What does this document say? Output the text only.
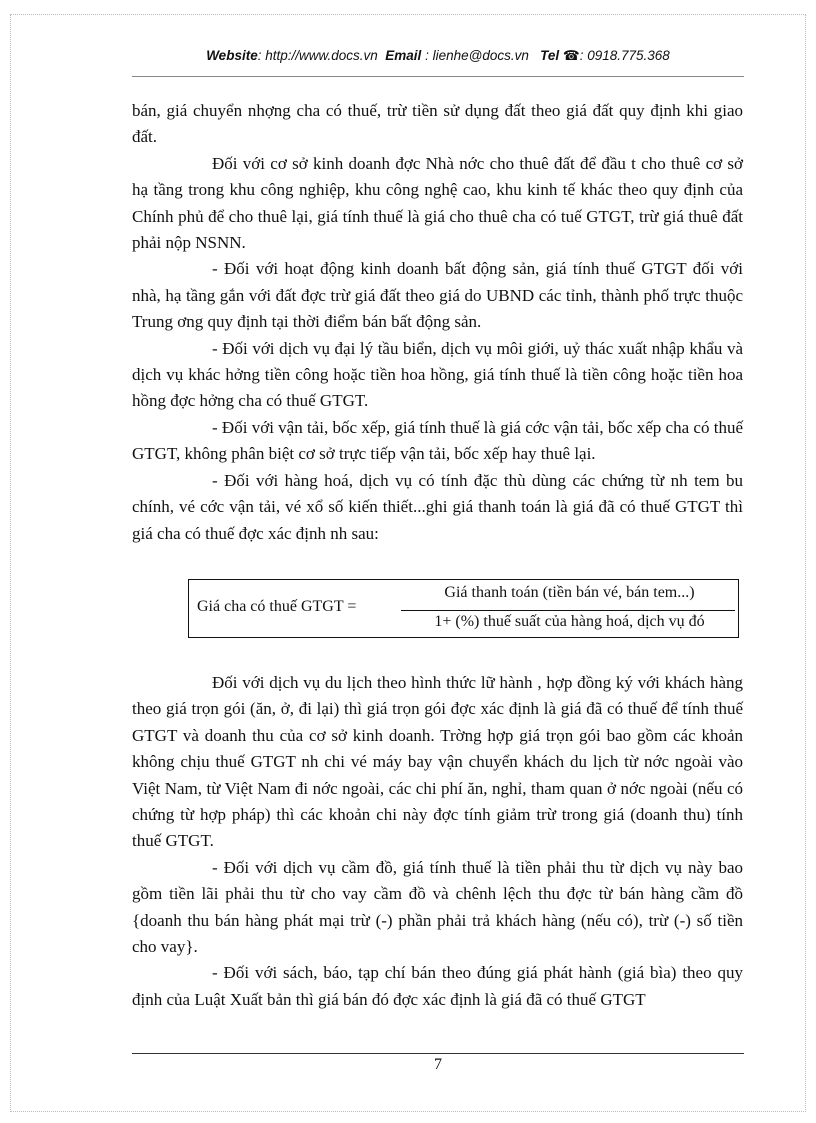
Website: http://www.docs.vn Email : lienhe@docs.vn Tel ☎: 0918.775.368

bán, giá chuyển nhợng cha có thuế, trừ tiền sử dụng đất theo giá đất quy định khi giao đất.

Đối với cơ sở kinh doanh đợc Nhà nớc cho thuê đất để đầu t cho thuê cơ sở hạ tầng trong khu công nghiệp, khu công nghệ cao, khu kinh tế khác theo quy định của Chính phủ để cho thuê lại, giá tính thuế là giá cho thuê cha có tuế GTGT, trừ giá thuê đất phải nộp NSNN.

- Đối với hoạt động kinh doanh bất động sản, giá tính thuế GTGT đối với nhà, hạ tầng gắn với đất đợc trừ giá đất theo giá do UBND các tỉnh, thành phố trực thuộc Trung ơng quy định tại thời điểm bán bất động sản.

- Đối với dịch vụ đại lý tầu biển, dịch vụ môi giới, uỷ thác xuất nhập khẩu và dịch vụ khác hởng tiền công hoặc tiền hoa hồng, giá tính thuế là tiền công hoặc tiền hoa hồng đợc hởng cha có thuế GTGT.

- Đối với vận tải, bốc xếp, giá tính thuế là giá cớc vận tải, bốc xếp cha có thuế GTGT, không phân biệt cơ sở trực tiếp vận tải, bốc xếp hay thuê lại.

- Đối với hàng hoá, dịch vụ có tính đặc thù dùng các chứng từ nh tem bu chính, vé cớc vận tải, vé xổ số kiến thiết...ghi giá thanh toán là giá đã có thuế GTGT thì giá cha có thuế đợc xác định nh sau:

Giá cha có thuế GTGT =
Giá thanh toán (tiền bán vé, bán tem...)
1+ (%) thuế suất của hàng hoá, dịch vụ đó

Đối với dịch vụ du lịch theo hình thức lữ hành , hợp đồng ký với khách hàng theo giá trọn gói (ăn, ở, đi lại) thì giá trọn gói đợc xác định là giá đã có thuế để tính thuế GTGT và doanh thu của cơ sở kinh doanh. Trờng hợp giá trọn gói bao gồm các khoản không chịu thuế GTGT nh chi vé máy bay vận chuyển khách du lịch từ nớc ngoài vào Việt Nam, từ Việt Nam đi nớc ngoài, các chi phí ăn, nghỉ, tham quan ở nớc ngoài (nếu có chứng từ hợp pháp) thì các khoản chi này đợc tính giảm trừ trong giá (doanh thu) tính thuế GTGT.

- Đối với dịch vụ cầm đồ, giá tính thuế là tiền phải thu từ dịch vụ này bao gồm tiền lãi phải thu từ cho vay cầm đồ và chênh lệch thu đợc từ bán hàng cầm đồ {doanh thu bán hàng phát mại trừ (-) phần phải trả khách hàng (nếu có), trừ (-) số tiền cho vay}.

- Đối với sách, báo, tạp chí bán theo đúng giá phát hành (giá bìa) theo quy định của Luật Xuất bản thì giá bán đó đợc xác định là giá đã có thuế GTGT

7
